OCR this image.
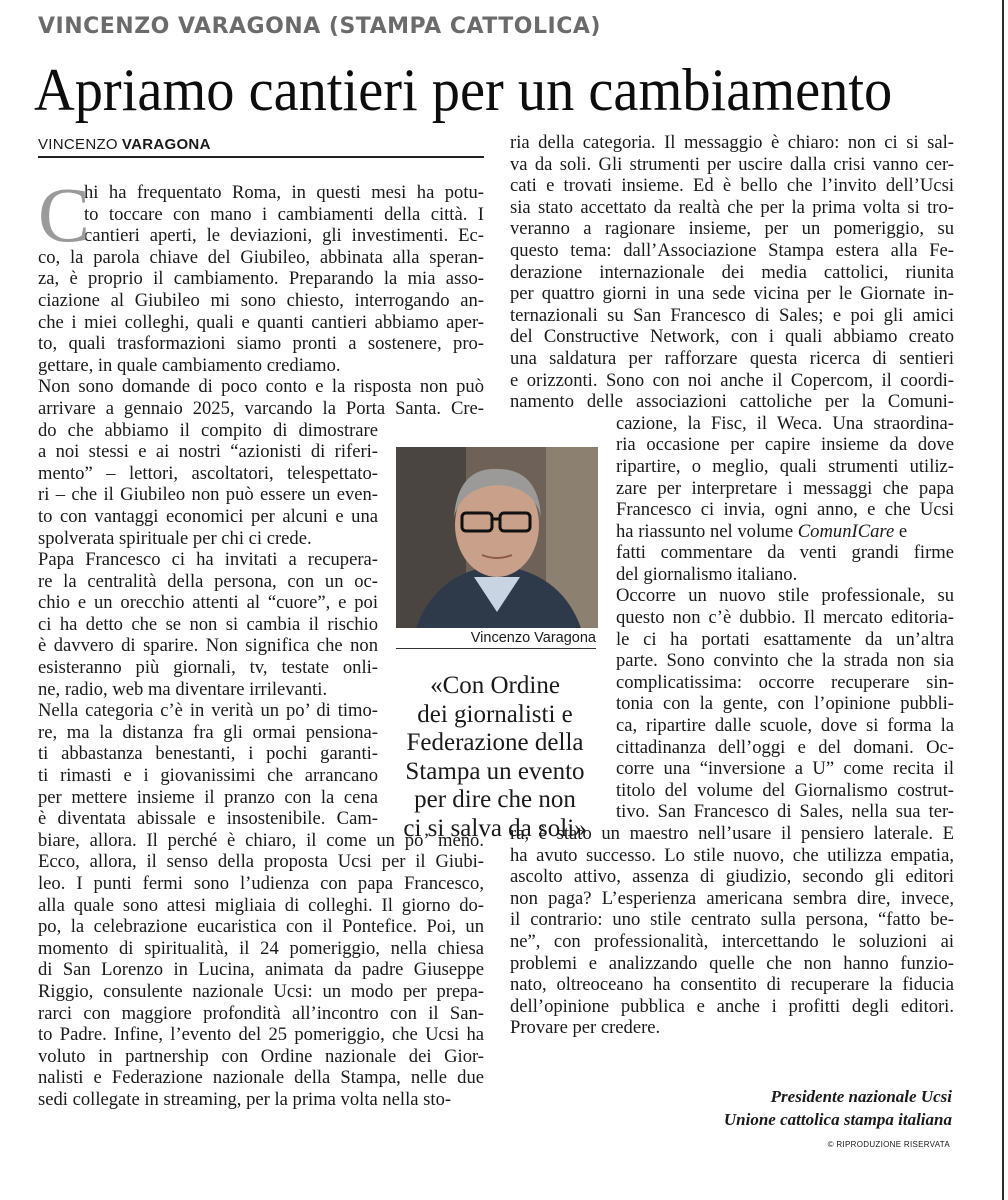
VINCENZO VARAGONA (STAMPA CATTOLICA)
Apriamo cantieri per un cambiamento
VINCENZO VARAGONA
C
hi ha frequentato Roma, in questi mesi ha potu-
to toccare con mano i cambiamenti della città. I
cantieri aperti, le deviazioni, gli investimenti. Ec-
co, la parola chiave del Giubileo, abbinata alla speran-
za, è proprio il cambiamento. Preparando la mia asso-
ciazione al Giubileo mi sono chiesto, interrogando an-
che i miei colleghi, quali e quanti cantieri abbiamo aper-
to, quali trasformazioni siamo pronti a sostenere, pro-
gettare, in quale cambiamento crediamo.
Non sono domande di poco conto e la risposta non può
arrivare a gennaio 2025, varcando la Porta Santa. Cre-
do che abbiamo il compito di dimostrare
a noi stessi e ai nostri “azionisti di riferi-
mento” – lettori, ascoltatori, telespettato-
ri – che il Giubileo non può essere un even-
to con vantaggi economici per alcuni e una
spolverata spirituale per chi ci crede.
Papa Francesco ci ha invitati a recupera-
re la centralità della persona, con un oc-
chio e un orecchio attenti al “cuore”, e poi
ci ha detto che se non si cambia il rischio
è davvero di sparire. Non significa che non
esisteranno più giornali, tv, testate onli-
ne, radio, web ma diventare irrilevanti.
Nella categoria c’è in verità un po’ di timo-
re, ma la distanza fra gli ormai pensiona-
ti abbastanza benestanti, i pochi garanti-
ti rimasti e i giovanissimi che arrancano
per mettere insieme il pranzo con la cena
è diventata abissale e insostenibile. Cam-
biare, allora. Il perché è chiaro, il come un po’ meno.
Ecco, allora, il senso della proposta Ucsi per il Giubi-
leo. I punti fermi sono l’udienza con papa Francesco,
alla quale sono attesi migliaia di colleghi. Il giorno do-
po, la celebrazione eucaristica con il Pontefice. Poi, un
momento di spiritualità, il 24 pomeriggio, nella chiesa
di San Lorenzo in Lucina, animata da padre Giuseppe
Riggio, consulente nazionale Ucsi: un modo per prepa-
rarci con maggiore profondità all’incontro con il San-
to Padre. Infine, l’evento del 25 pomeriggio, che Ucsi ha
voluto in partnership con Ordine nazionale dei Gior-
nalisti e Federazione nazionale della Stampa, nelle due
sedi collegate in streaming, per la prima volta nella sto-
ria della categoria. Il messaggio è chiaro: non ci si sal-
va da soli. Gli strumenti per uscire dalla crisi vanno cer-
cati e trovati insieme. Ed è bello che l’invito dell’Ucsi
sia stato accettato da realtà che per la prima volta si tro-
veranno a ragionare insieme, per un pomeriggio, su
questo tema: dall’Associazione Stampa estera alla Fe-
derazione internazionale dei media cattolici, riunita
per quattro giorni in una sede vicina per le Giornate in-
ternazionali su San Francesco di Sales; e poi gli amici
del Constructive Network, con i quali abbiamo creato
una saldatura per rafforzare questa ricerca di sentieri
e orizzonti. Sono con noi anche il Copercom, il coordi-
namento delle associazioni cattoliche per la Comuni-
cazione, la Fisc, il Weca. Una straordina-
ria occasione per capire insieme da dove
ripartire, o meglio, quali strumenti utiliz-
zare per interpretare i messaggi che papa
Francesco ci invia, ogni anno, e che Ucsi
ha riassunto nel volume ComunICare e
fatti commentare da venti grandi firme
del giornalismo italiano.
Occorre un nuovo stile professionale, su
questo non c’è dubbio. Il mercato editoria-
le ci ha portati esattamente da un’altra
parte. Sono convinto che la strada non sia
complicatissima: occorre recuperare sin-
tonia con la gente, con l’opinione pubbli-
ca, ripartire dalle scuole, dove si forma la
cittadinanza dell’oggi e del domani. Oc-
corre una “inversione a U” come recita il
titolo del volume del Giornalismo costrut-
tivo. San Francesco di Sales, nella sua ter-
ra, è stato un maestro nell’usare il pensiero laterale. E
ha avuto successo. Lo stile nuovo, che utilizza empatia,
ascolto attivo, assenza di giudizio, secondo gli editori
non paga? L’esperienza americana sembra dire, invece,
il contrario: uno stile centrato sulla persona, “fatto be-
ne”, con professionalità, intercettando le soluzioni ai
problemi e analizzando quelle che non hanno funzio-
nato, oltreoceano ha consentito di recuperare la fiducia
dell’opinione pubblica e anche i profitti degli editori.
Provare per credere.
Vincenzo Varagona
«Con Ordine
dei giornalisti e
Federazione della
Stampa un evento
per dire che non
ci si salva da soli»
Presidente nazionale Ucsi
Unione cattolica stampa italiana
© RIPRODUZIONE RISERVATA
